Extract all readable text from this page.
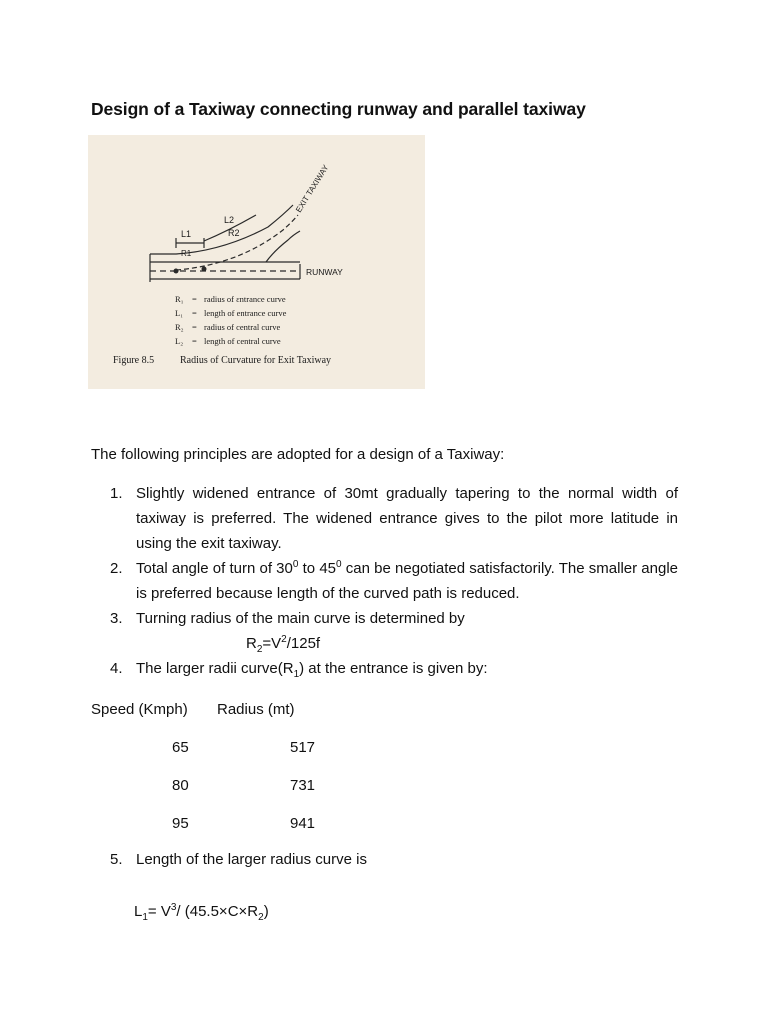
Design of a Taxiway connecting runway and parallel taxiway
L1
R1
L2
R2
RUNWAY
EXIT TAXIWAY
R₁ = radius of εntrance curve
L₁ = length of entrance curve
R₂ = radius of central curve
L₂ = length of central curve
Figure 8.5	Radius of Curvature for Exit Taxiway
The following principles are adopted for a design of a Taxiway:
1. Slightly widened entrance of 30mt gradually tapering to the normal width of taxiway is preferred. The widened entrance gives to the pilot more latitude in using the exit taxiway.
2. Total angle of turn of $30^0$ to $45^0$ can be negotiated satisfactorily. The smaller angle is preferred because length of the curved path is reduced.
3. Turning radius of the main curve is determined by
$R_2=V^2/125f$
4. The larger radii $curve(R_1)$ at the entrance is given by:
Speed (Kmph) Radius (mt)
65	517
80	731
95	941
5. Length of the larger radius curve is
$L_1= V^3/$ $(45.5\times C\times R_2)$
